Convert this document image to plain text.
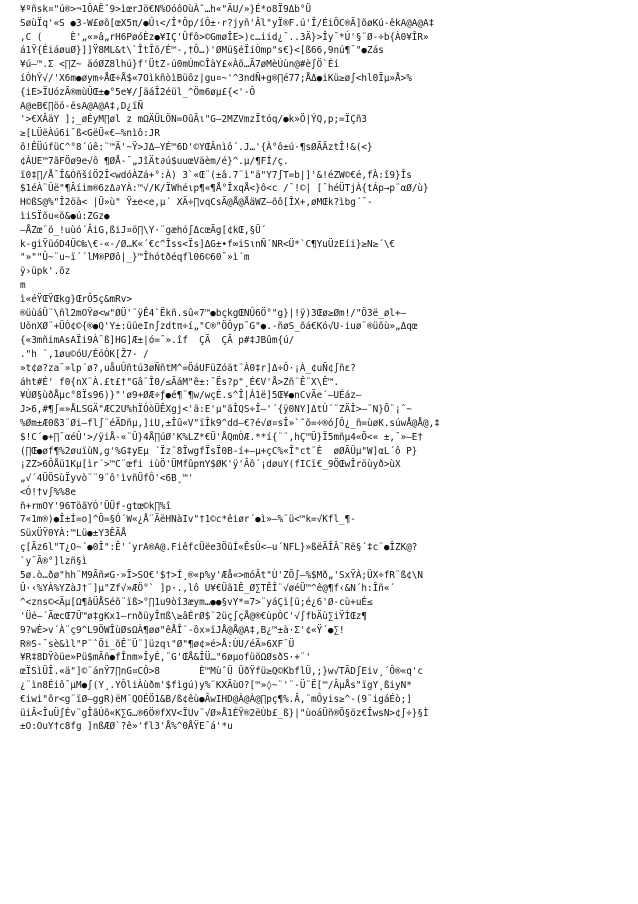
¥ºñsk¤"ú®>¬1ÔAÊˆ9>ìœrJö€N%OóôOùÀˆ…h«"ÄU/»}É*o8Ï9Δb°Ü
SøùÏq'«S ●3-W£øõ[œX5π/●Ûι</Î*Ôp/íÔ±·r?jyñ'Âl"yÏ®F.ú'Î/ÉiÔC®Ã]õøKú-êkA@A@A‡
,C (     È'„«»â„rH6PøóÈz●¥IÇ'Ûfô>©GmøÎE>)c…iid¿¯..3Ä}>Îy¯*Ú'§¨Ø-÷b{À0¥ÎR»
á1Ÿ{ÉiáøuØ}]]Ÿ8ML&t\`ÎtÎõ/É™-,†Ô…)'ØMü§éÏíÒmp"s€}<[ß66,9nú¶¯"●Zás
¥ú—™.Σ <∏Z~ äóØZ8lhú}f'ÜtZ-ú0mÚm©ÎàY£«Àõ…Ã7øMèÙùn@#è∫Ö`Éí
íÓhÝ√/'X6m●øym÷ÅŒ÷Å$«7OìkñòìBüôz|gu¤~'^3ndÑ+g®∏é77;ÅΔ●iKü≥ø∫<hl0Ïµ»Å>%
{iE>ÏUózÃ®mùÛŒ±●°5e¥/∫äáÎ2éül_^Öm6øµ£{<'-Ô
A@eB€∏öö-ësA@A@A‡,D¿ïÑ
'>€XÂäY ];_øÉyM∏øl z mΩÄÜLÖN=OûÃι"G—2MZVmzÏtóq/●k»Ö|ÝQ,p;=ÏÇñ3
≥[LÜëÀú6i¯ß<GëÜ«€—%nìô:JR
ô!ÊÜúfüC^°8´úê:¨™Ä'~Ÿ>JΔ—YÉ™6D'©YŒÂnìô´.J…'{À°ô±ú·¶sØÃÃztÎ!&(<}
¢ÁUE™7ãFÖø9e√ô ¶ØÅ-¯„JîÄt∂ú$uuœVäèm/é}^.µ/¶FÍ/ç.
ï0‡∏/Å¯Î&ÓñšíÖ2Î<wdóÀZá+°:À) 3`«Œ¨(±â.7¨ì"ä"Y7∫T=b|]'&!éZW©€é,fÀ:î9}Îs
$1éÀ¨Ûë"¶Âíim®6zΔ∂YÀ:™√/K/ÏWhéιp¶«¶Å°ÎxqÅ<}ô<c /¯!©| [¯héÜTjÀ{tÁp→p¨αØ/ù}
H©ßS@%"Î2öà< |Ü»ù" Ÿ±e<e,µ´ XÄ÷∏vqCsÃ@Å@ÅäWZ—õô[ÎX+,øMŒk?ìbg´¯-
ìiSÏõu«õ&●ú:ZGz●
—ÅZœ¨ö_!uùó´ÂiG,ßiJ¤ö∏\Y·¨gæhó∫ΔcœÃg[¢kŒ,§Ü´
k-giŸüóD4Ü©‰\€-«-/Ø…K«´€c^Îss<Ïs]ΔG±•f∞iSιnÑ´NR<Ü*`C¶YuÜzEíi}≥N≥´\€
"»""Û~¨u~ï´´lM®PØô|_}™Îhótðéqfl06©60¯»ì´m
ÿ›üpk'.õz
m
ì«éŸŒŸŒkg}ŒrÔ5ç&mRv>
®üùáÛ¨\ñl2mOŸø<w"ØÜ'¨ÿÊ4`Ëkñ.sû«7™●bçkgŒNÛ6Ö°"g}|!ÿ)3Œø≥Øm!/"Ö3ë_øl+—
UònXØ¨+ÜÓ¢©{®●Q'Y±:üüeIn∫zdtπ÷í„"C®"ÖÔyp¯G"●.-ñøS_õá€Kó√U-iuø¨®üõù»„Δqœ
{«3mñimAsAÏi9À¯ß]HG]Æ±|ó=¯».îf  ÇÃ  ÇÃ p#‡JBûm{ú/
."h ¨,1øu©óU/ÉóÒK[Ž7- /
»t¢ø?za¯»lp´ø?,uåuÛñtú3øÑñtM^=ÖáUFüZóät¨À0‡r]Δ÷Ô·¡À_¢uÑ¢∫ñε?
áht#É' f0{nX¨À.£t£†"Gâ¨Î0/≤ÃáM"ê±:¯Ës?p"˛É€V'Å>Zñ¨Ê¨X\Ê™.
¥ÙØ§ùðÅµc°8Ïs96)}"'ø9+ØÆ÷ƒ●é¶¨¶w/wçÉ.s^Î|Á1ë]5Œ¥●nCvÃe´—UÉáz—
J>6,#¶∫=»ÅLSGÄ"ÆC2U%hÏÓòÜÊXgj<'ä:E'µ"ãÎQS÷Î—'´{ÿ0NY]ΔtÙ´¨ZÄÎ>—¨N}Õ¨¡ˆ~
%Øm±Æ0ß3¨Øi—fl∫¨éÃDñµ,]iU,±Îû«V"ïÎk9^dd—€?é√ø¤sÎ»`ˆõ=÷®ó∫Ô¿_ñ=ùøK.súwÅ@Å@,‡
$!C´●+∏¯αéÛ'>/ÿiÅ-«¨Û}4Å∏úØ'K%LZ*€Ü'ÅQmÒÆ.**í{¨¨,hÇ™Ü}Ï5mñµ4«Õ<« ±,¯»—E†
(∏Œ●øf¶%2øuïùN,g'%G‡yEµ ´Ïz¨8ÏwgfΪsÏ0B-í+—µ+çC%«Î"ct¨È  øØÃÜµ"W]αL´ô P}
¡ZZ>6ÔÅü1Kµ[ìr´>™C¨œfi iùÖ'ÜMfûpπY$ØK'ÿ'Âô´¡døuY(fICï€_9ÖŒwÎröùyð>ùX
„√´4ÜÖSùÏyvò¨¨9¨ô'ìvñÜfÔ'<6B¸™'
<Ó!†v∫%%8e
ñ+rmOY'96TöãYÓ'ÜÜf-gtœ©k∏%î
7«1m®)●Î±Í=o]^Ô=§Ó´W«¿Å¨ÃëHNàIv"†1©c*êiør´●ì»—%¨ü<™k=√Kfl_¶-
SüxÜŸ0YÀ:™Lü●±Y3ÊÃÅ
ç[Ãz6l"T¿O~´●0Î":Ê'´yrA®A@.FiêfcÜëe3ÖüÍ«ÊsÛ<—u´NFL}»ßëÄÎÂ¨Rë§´‡c¨●ÎZK@?
`y¯Ã®°]lzñ§ì
5ø.ò…ðø"hh¨M9Ãñ≠G·»Ï>SO€'$†>Í¸®«p%y'Æå«>móÂt"Ù'ZÕ∫—%$Mð„'SxŸÀ;ÜX÷fR¨ß¢\N
Û·‹%YÀ%YZàJ†¨]µ"Zf√»ÆÖ°` ]p·.,lô U¥€Üã1Ê_Ø∑TÊÎ¨√øéÜ™^ê@¶f‹&N´h:Îñ«´
^<zns©<Äµ[Ω¶âÜÅSéõ¨ïß>°∏1u9òî3æym…●●§vY*=7>¨yáÇì[ü;é¿6'Ø-cù+uÉ≤
'Üé—´ÃœcŒ7Ü™ø‡gKx1—rnðüyÎπß\≥âÉrØ$¨2üç∫çÅ@®€ùpÒC'√∫fbÄù∑iŸÌŒz¶
9?wÈ>v´À¨ç9^L9ÖWÎùØsΩÀ¶øø"êÅÎ¨-ôx»ïJÅ@Å@A‡,B¿™±à·Σ'¢«Ÿ´●∑!
R®S-¯sè&ìl"P¨ˆÕi_õÊ¨Ü¨]üzqι"Ø"¶ø¢»é>Å:ÙU/éÃ»6XF¯Ü
¥R‡8DŸòüe»Pü$mÃñ●fÎnm»ÎyÉ,¨G'ŒÅ&ÎÜ…"6øµofüõΩØsðS·+¨'
œÏSìÜÎ.«ä"]©¨ánŸ7∏nG¤CÔ>8       È™MùˆÜ ÜðŸfü≥Q©KbflÜ,;}w√TÃD∫Eiv¸´Ô®«q'c
¿¨ìn8Éiô¯µM●∫(Y¸.YÔliÀùðm'$fìgú)y%¨KXÃùO?[™»◊~¨'¨-Ü¨Ë[™/ÂµÅs"ïgY¸ßiyN*
€iwi"ôr<g¨ïØ—ggR)ëM¨QOÉÖ1&B/ß¢êù●ÂwIHD@À@À@∏pç¶%.Â,¨mÔyis≥^-(9¨igáÉò;]
üiÂ<ÎuÜ∫Év¨gÎãÚõ«K∑G…®6Ö®fXV<ÏUv¨√Ø»Å1ÉŸ®2ëÙb£_ß}|"ùoáÜñ®Õ§öz€ÎwsN>¢∫÷}§Ì
±O:OuY†c8fg ]nßÆØ`?ê»'fl3'Å%^0ÅŸE¯á'*u
